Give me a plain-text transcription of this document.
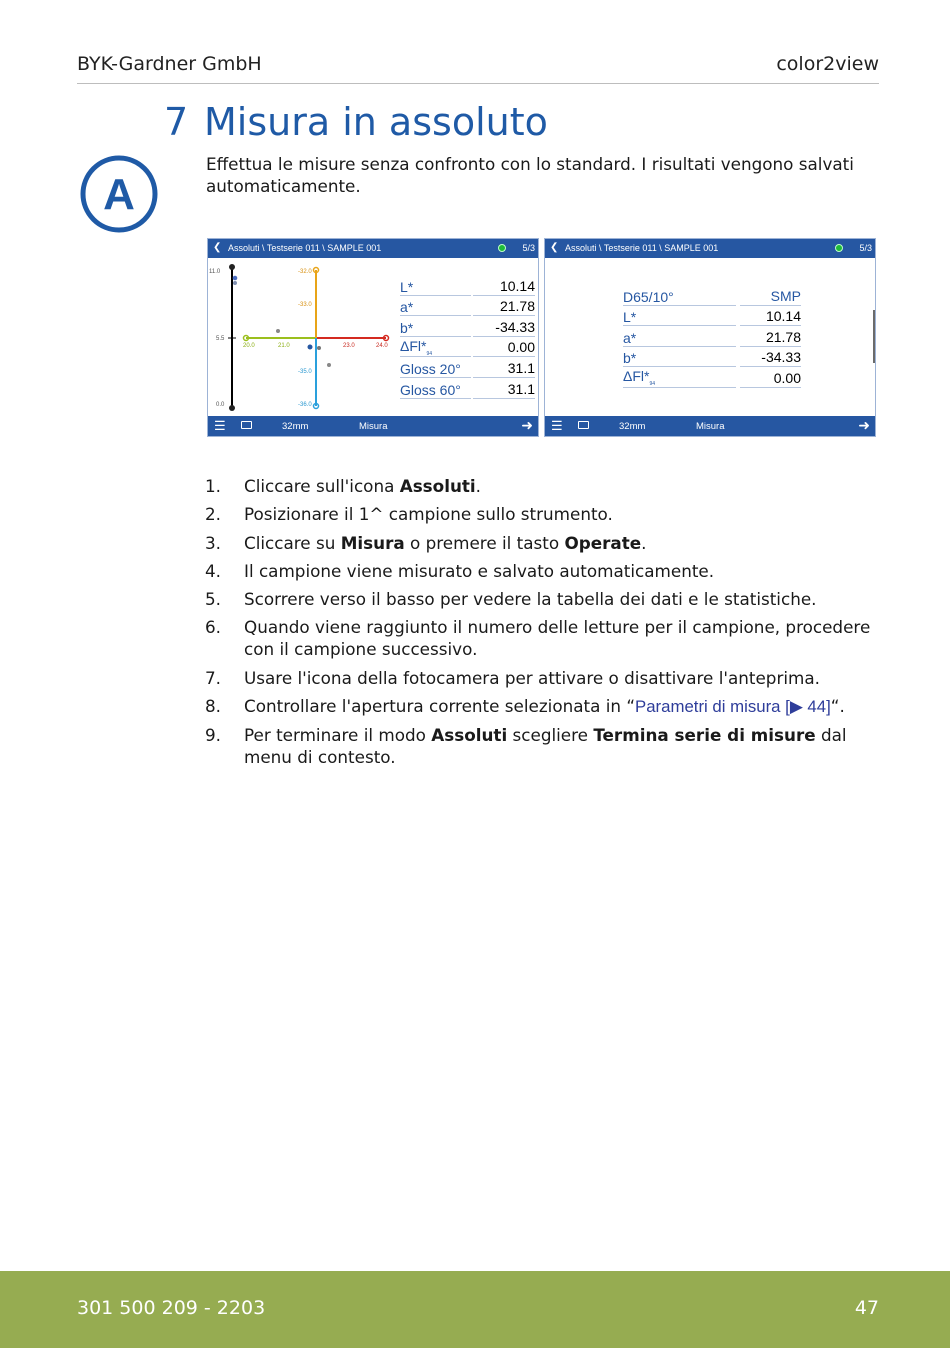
BYK-Gardner GmbH	color2view
7 Misura in assoluto
A

Effettua le misure senza confronto con lo standard. I risultati vengono salvati automaticamente.

❮ Assoluti \ Testserie 011 \ SAMPLE 001	5/3
11.0
5.5
0.0
20.0	21.0	23.0	24.0
-32.0
-33.0
-35.0
-36.0
L*	10.14
a*	21.78
b*	-34.33
$\Delta Fl*_{94}$	0.00
Gloss 20°	31.1
Gloss 60°	31.1
☰	32mm	Misura	➜
❮ Assoluti \ Testserie 011 \ SAMPLE 001	5/3
D65/10°	SMP
L*	10.14
a*	21.78
b*	-34.33
$\Delta Fl*_{94}$	0.00
☰	32mm	Misura	➜
1. Cliccare sull'icona Assoluti.
2. Posizionare il 1^ campione sullo strumento.
3. Cliccare su Misura o premere il tasto Operate.
4. Il campione viene misurato e salvato automaticamente.
5. Scorrere verso il basso per vedere la tabella dei dati e le statistiche.
6. Quando viene raggiunto il numero delle letture per il campione, procedere con il campione successivo.
7. Usare l'icona della fotocamera per attivare o disattivare l'anteprima.
8. Controllare l'apertura corrente selezionata in “Parametri di misura [▶ 44]“.
9. Per terminare il modo Assoluti scegliere Termina serie di misure dal menu di contesto.
301 500 209 - 2203	47
